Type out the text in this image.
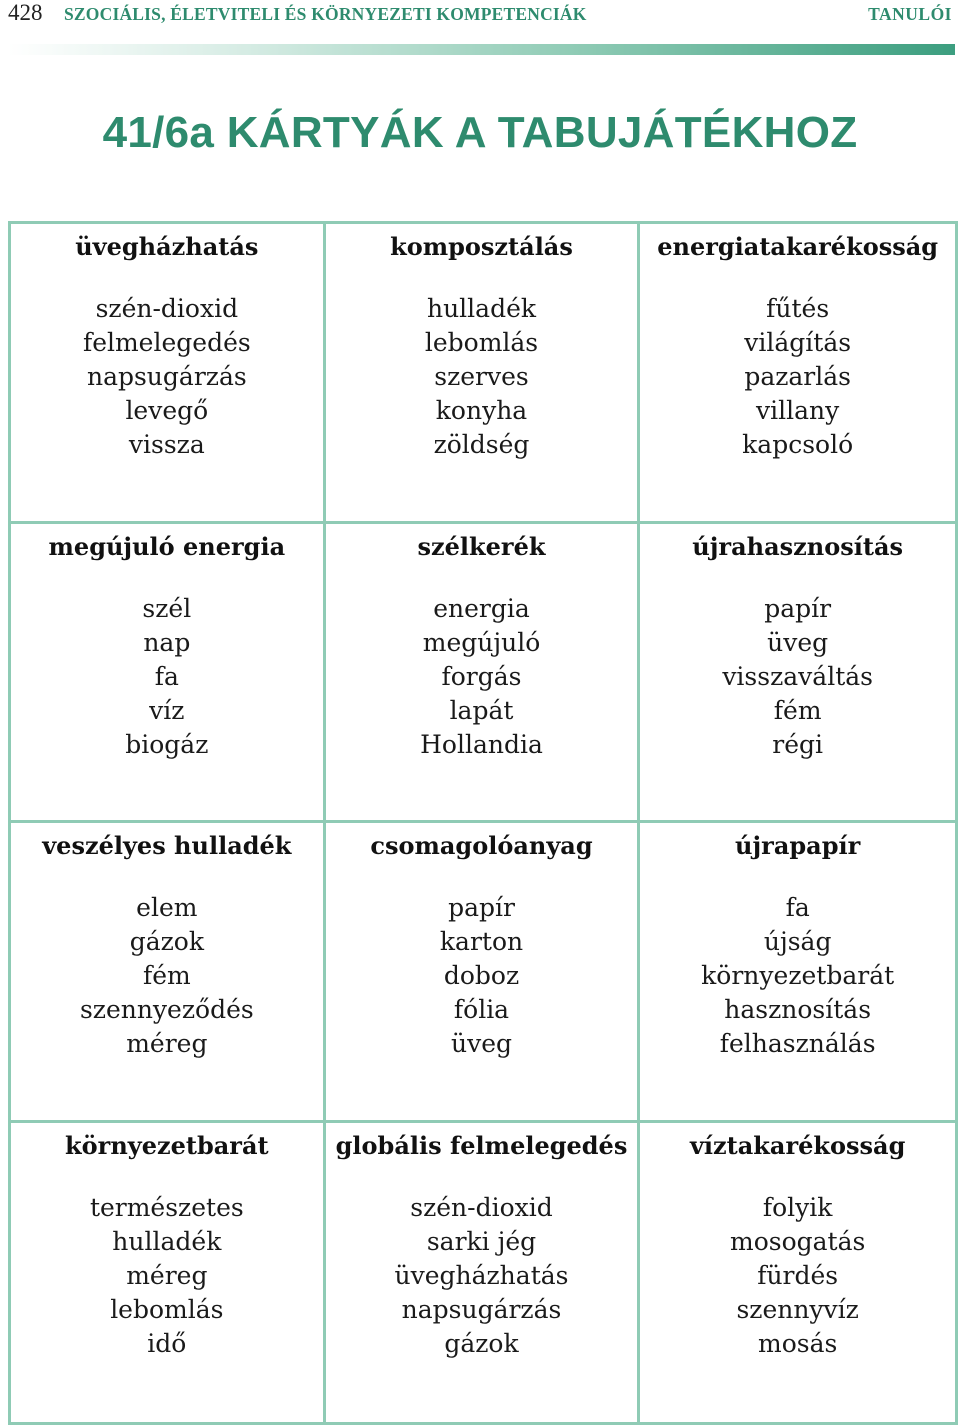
428 SZOCIÁLIS, ÉLETVITELI ÉS KÖRNYEZETI KOMPETENCIÁK	TANULÓI
41/6a KÁRTYÁK A TABUJÁTÉKHOZ
üvegházhatás
szén-dioxid
felmelegedés
napsugárzás
levegő
vissza
komposztálás
hulladék
lebomlás
szerves
konyha
zöldség
energiatakarékosság
fűtés
világítás
pazarlás
villany
kapcsoló
megújuló energia
szél
nap
fa
víz
biogáz
szélkerék
energia
megújuló
forgás
lapát
Hollandia
újrahasznosítás
papír
üveg
visszaváltás
fém
régi
veszélyes hulladék
elem
gázok
fém
szennyeződés
méreg
csomagolóanyag
papír
karton
doboz
fólia
üveg
újrapapír
fa
újság
környezetbarát
hasznosítás
felhasználás
környezetbarát
természetes
hulladék
méreg
lebomlás
idő
globális felmelegedés
szén-dioxid
sarki jég
üvegházhatás
napsugárzás
gázok
víztakarékosság
folyik
mosogatás
fürdés
szennyvíz
mosás
